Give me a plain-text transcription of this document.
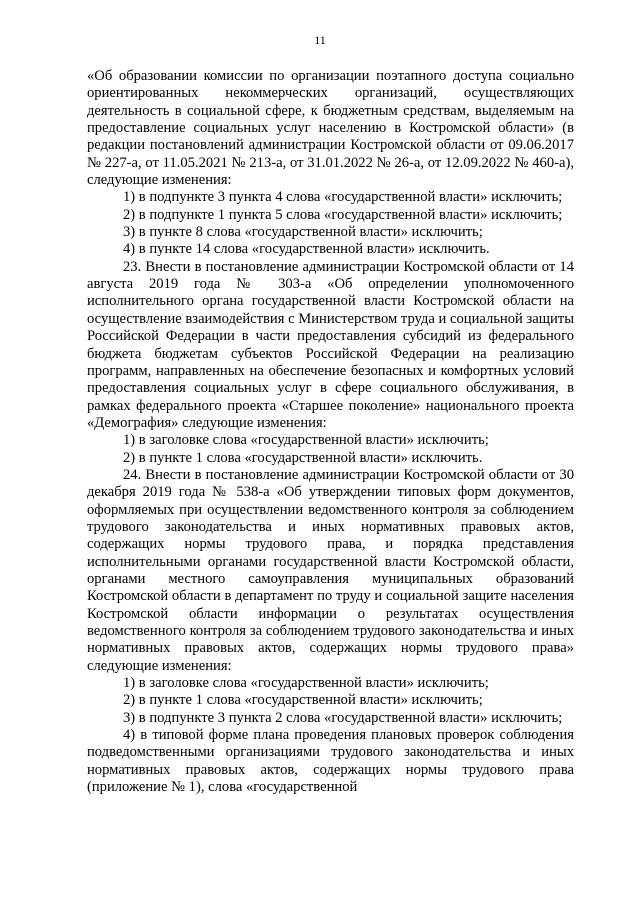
11

«Об образовании комиссии по организации поэтапного доступа социально ориентированных некоммерческих организаций, осуществляющих деятельность в социальной сфере, к бюджетным средствам, выделяемым на предоставление социальных услуг населению в Костромской области» (в редакции постановлений администрации Костромской области от 09.06.2017 № 227-а, от 11.05.2021 № 213-а, от 31.01.2022 № 26-а, от 12.09.2022 № 460-а), следующие изменения:

1) в подпункте 3 пункта 4 слова «государственной власти» исключить;

2) в подпункте 1 пункта 5 слова «государственной власти» исключить;

3) в пункте 8 слова «государственной власти» исключить;

4) в пункте 14 слова «государственной власти» исключить.

23. Внести в постановление администрации Костромской области от 14 августа 2019 года № 303-а «Об определении уполномоченного исполнительного органа государственной власти Костромской области на осуществление взаимодействия с Министерством труда и социальной защиты Российской Федерации в части предоставления субсидий из федерального бюджета бюджетам субъектов Российской Федерации на реализацию программ, направленных на обеспечение безопасных и комфортных условий предоставления социальных услуг в сфере социального обслуживания, в рамках федерального проекта «Старшее поколение» национального проекта «Демография» следующие изменения:

1) в заголовке слова «государственной власти» исключить;

2) в пункте 1 слова «государственной власти» исключить.

24. Внести в постановление администрации Костромской области от 30 декабря 2019 года № 538-а «Об утверждении типовых форм документов, оформляемых при осуществлении ведомственного контроля за соблюдением трудового законодательства и иных нормативных правовых актов, содержащих нормы трудового права, и порядка представления исполнительными органами государственной власти Костромской области, органами местного самоуправления муниципальных образований Костромской области в департамент по труду и социальной защите населения Костромской области информации о результатах осуществления ведомственного контроля за соблюдением трудового законодательства и иных нормативных правовых актов, содержащих нормы трудового права» следующие изменения:

1) в заголовке слова «государственной власти» исключить;

2) в пункте 1 слова «государственной власти» исключить;

3) в подпункте 3 пункта 2 слова «государственной власти» исключить;

4) в типовой форме плана проведения плановых проверок соблюдения подведомственными организациями трудового законодательства и иных нормативных правовых актов, содержащих нормы трудового права (приложение № 1), слова «государственной
